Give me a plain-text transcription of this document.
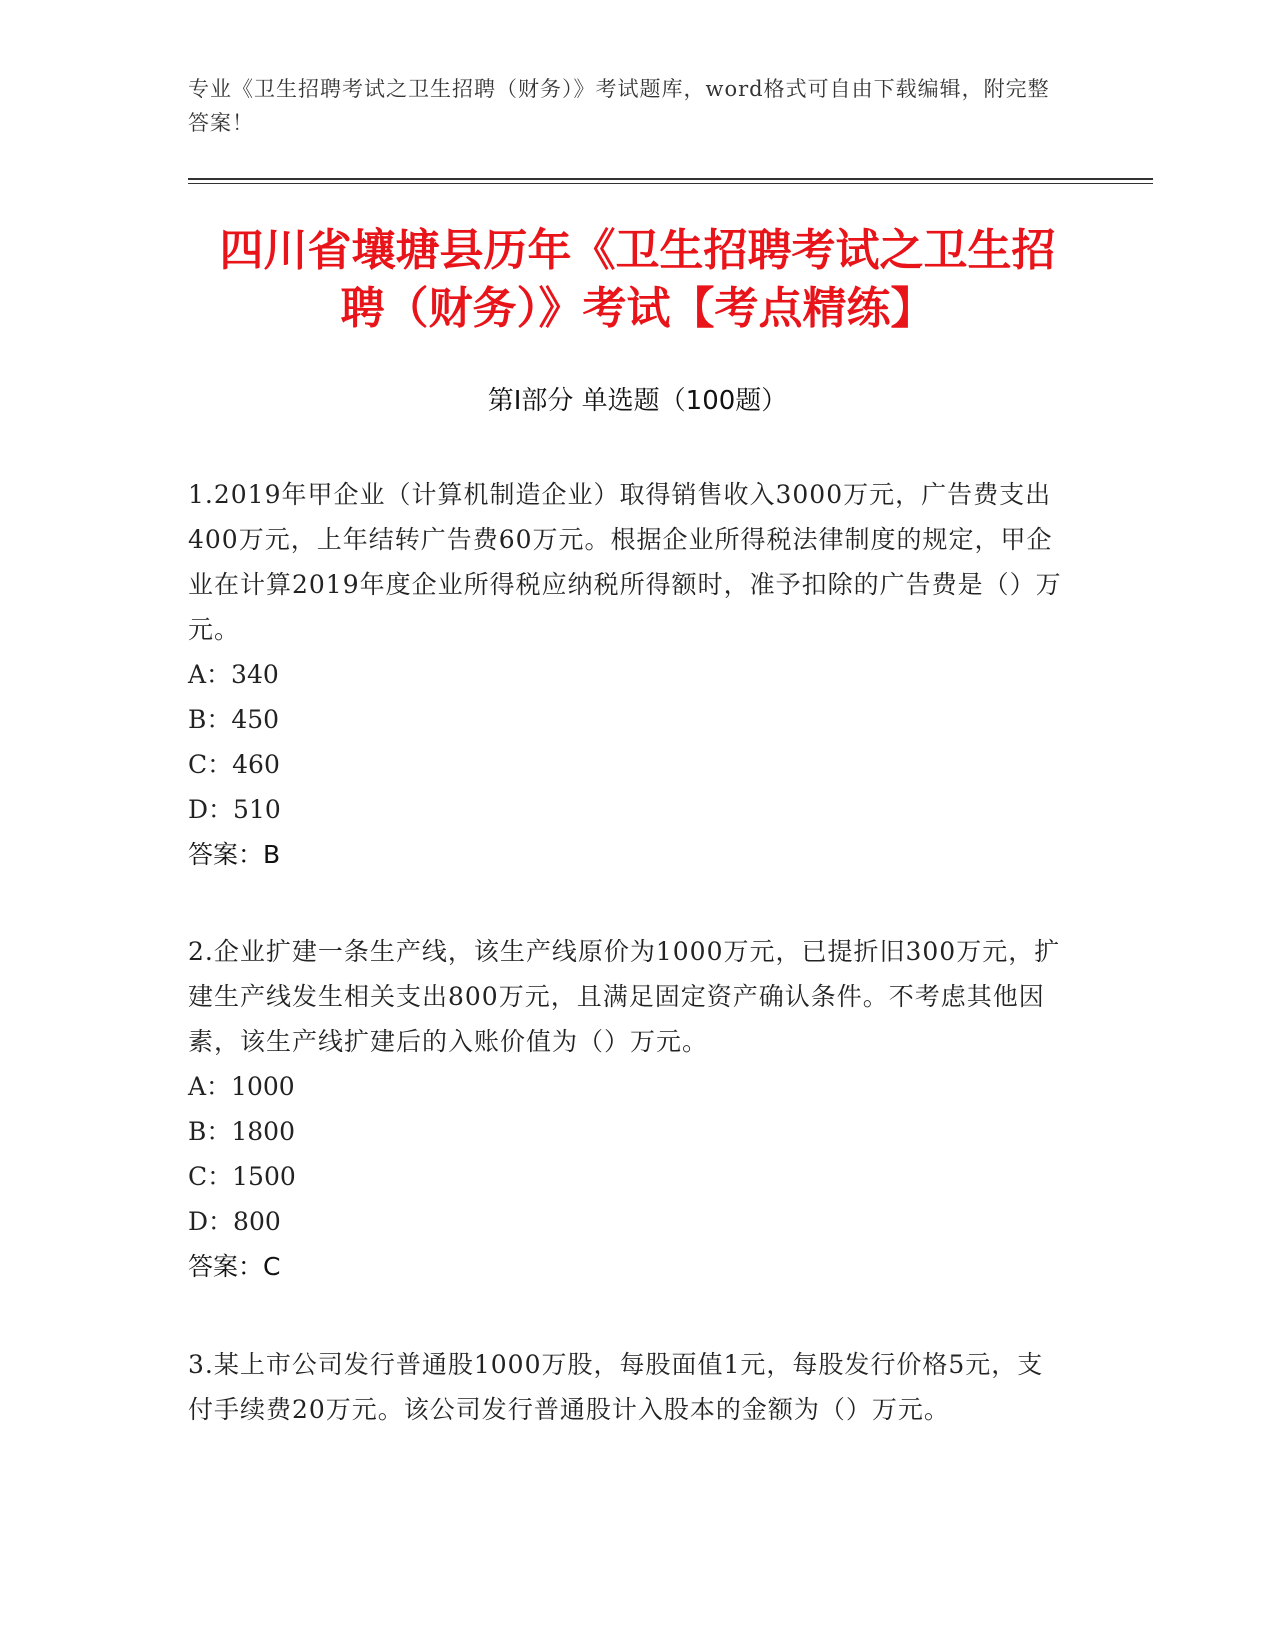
专业《卫生招聘考试之卫生招聘（财务）》考试题库，word格式可自由下载编辑，附完整答案！
四川省壤塘县历年《卫生招聘考试之卫生招
聘（财务）》考试【考点精练】
第Ⅰ部分 单选题（100题）

1.2019年甲企业（计算机制造企业）取得销售收入3000万元，广告费支出400万元，上年结转广告费60万元。根据企业所得税法律制度的规定，甲企业在计算2019年度企业所得税应纳税所得额时，准予扣除的广告费是（）万元。

A：340

B：450

C：460

D：510

答案：B

2.企业扩建一条生产线，该生产线原价为1000万元，已提折旧300万元，扩建生产线发生相关支出800万元，且满足固定资产确认条件。不考虑其他因素，该生产线扩建后的入账价值为（）万元。

A：1000

B：1800

C：1500

D：800

答案：C

3.某上市公司发行普通股1000万股，每股面值1元，每股发行价格5元，支付手续费20万元。该公司发行普通股计入股本的金额为（）万元。
